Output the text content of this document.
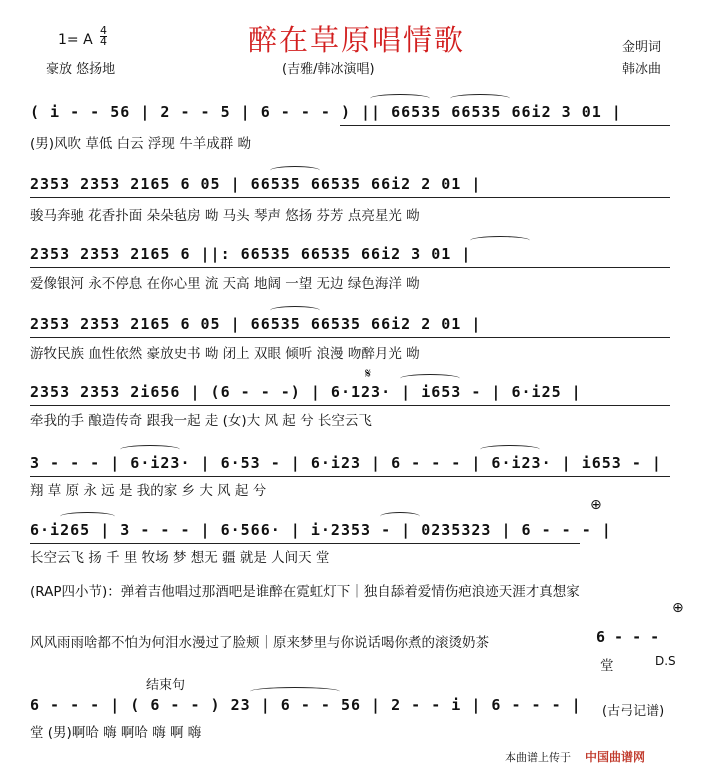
醉在草原唱情歌
1= A
4
4
豪放 悠扬地	(吉雅/韩冰演唱)
金明词
韩冰曲
( i - - 56 | 2 - - 5 | 6 - - - ) || 66535 66535 66i2 3 01 |
(男)风吹 草低 白云 浮现 牛羊成群 呦
2353 2353 2165 6 05 | 66535 66535 66i2 2 01 |
骏马奔驰 花香扑面 朵朵毡房 呦 马头 琴声 悠扬 芬芳 点亮星光 呦
2353 2353 2165 6 ||: 66535 66535 66i2 3 01 |
爱像银河 永不停息 在你心里 流 天高 地阔 一望 无边 绿色海洋 呦
2353 2353 2165 6 05 | 66535 66535 66i2 2 01 |
游牧民族 血性依然 豪放史书 呦 闭上 双眼 倾听 浪漫 吻醉月光 呦
𝄋
2353 2353 2i656 | (6 - - -) | 6·123· | i653 - | 6·i25 |
牵我的手 酿造传奇 跟我一起 走 (女)大 风 起 兮 长空云飞
3 - - - | 6·i23· | 6·53 - | 6·i23 | 6 - - - | 6·i23· | i653 - |
翔 草 原 永 远 是 我的家 乡 大 风 起 兮
⊕
6·i265 | 3 - - - | 6·566· | i·2353 - | 0235323 | 6 - - - |
长空云飞 扬 千 里 牧场 梦 想无 疆 就是 人间天 堂
(RAP四小节)：弹着吉他唱过那酒吧是谁醉在霓虹灯下｜独自舔着爱情伤疤浪迹天涯才真想家
风风雨雨啥都不怕为何泪水漫过了脸颊｜原来梦里与你说话喝你煮的滚烫奶茶
⊕
6 - - -
堂	D.S
结束句
6 - - - | ( 6 - - ) 23 | 6 - - 56 | 2 - - i | 6 - - - |
堂 (男)啊哈 嗨 啊哈 嗨 啊 嗨
(古弓记谱)
本曲谱上传于 中国曲谱网
